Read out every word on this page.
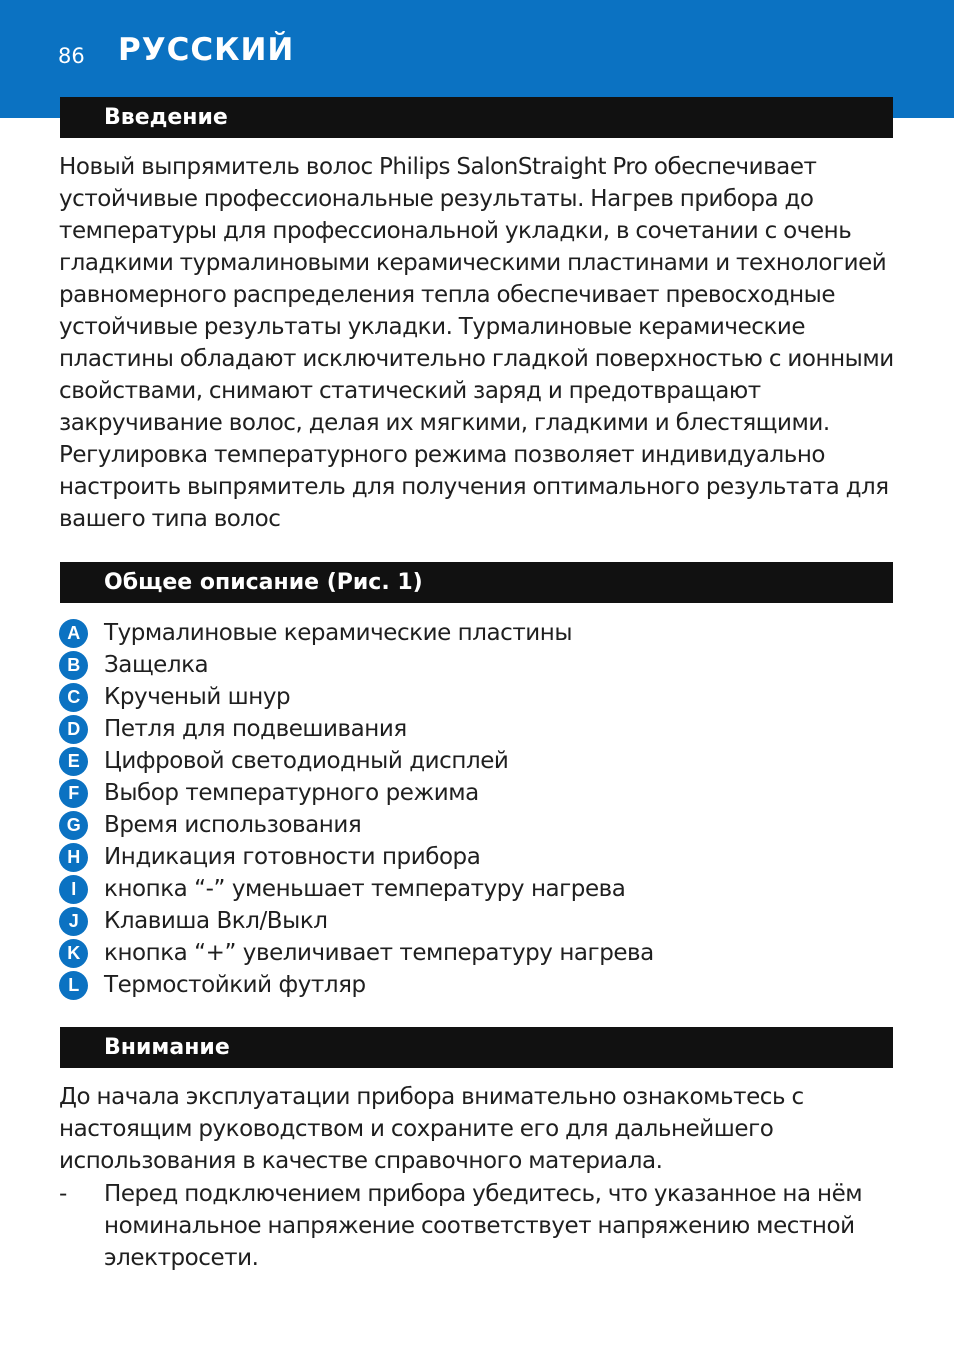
86 РУССКИЙ
Введение

Новый выпрямитель волос Philips SalonStraight Pro обеспечивает устойчивые профессиональные результаты. Нагрев прибора до температуры для профессиональной укладки, в сочетании с очень гладкими турмалиновыми керамическими пластинами и технологией равномерного распределения тепла обеспечивает превосходные устойчивые результаты укладки. Турмалиновые керамические пластины обладают исключительно гладкой поверхностью с ионными свойствами, снимают статический заряд и предотвращают закручивание волос, делая их мягкими, гладкими и блестящими. Регулировка температурного режима позволяет индивидуально настроить выпрямитель для получения оптимального результата для вашего типа волос

Общее описание (Рис. 1)
A	Турмалиновые керамические пластины
B	Защелка
C	Крученый шнур
D	Петля для подвешивания
E	Цифровой светодиодный дисплей
F	Выбор температурного режима
G	Время использования
H	Индикация готовности прибора
I	кнопка “-” уменьшает температуру нагрева
J	Клавиша Вкл/Выкл
K	кнопка “+” увеличивает температуру нагрева
L	Термостойкий футляр
Внимание

До начала эксплуатации прибора внимательно ознакомьтесь с настоящим руководством и сохраните его для дальнейшего использования в качестве справочного материала.

- Перед подключением прибора убедитесь, что указанное на нём номинальное напряжение соответствует напряжению местной электросети.
